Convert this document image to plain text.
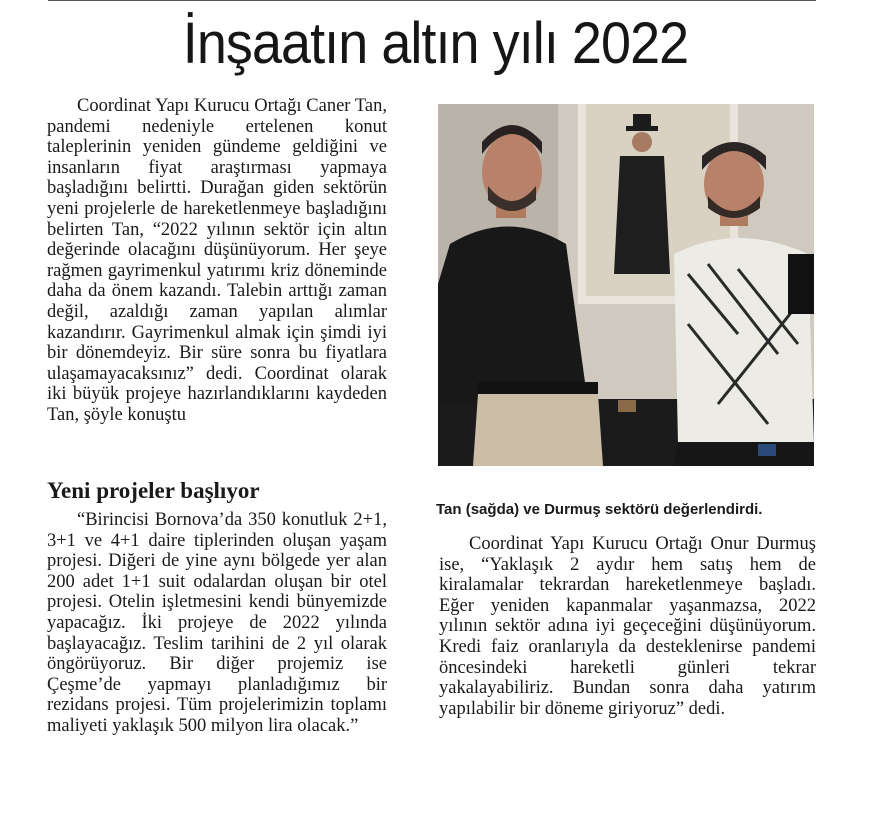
İnşaatın altın yılı 2022

Coordinat Yapı Kurucu Ortağı Caner Tan, pandemi nedeniyle ertelenen konut taleplerinin yeniden gündeme geldiğini ve insanların fiyat araştırması yapmaya başladığını belirtti. Durağan giden sektörün yeni projelerle de hareketlenmeye başladığını belirten Tan, “2022 yılının sektör için altın değerinde olacağını düşünüyorum. Her şeye rağmen gayrimenkul yatırımı kriz döneminde daha da önem kazandı. Talebin arttığı zaman değil, azaldığı zaman yapılan alımlar kazandırır. Gayrimenkul almak için şimdi iyi bir dönemdeyiz. Bir süre sonra bu fiyatlara ulaşamayacaksınız” dedi. Coordinat olarak iki büyük projeye hazırlandıklarını kaydeden Tan, şöyle konuştu

Yeni projeler başlıyor

“Birincisi Bornova’da 350 konutluk 2+1, 3+1 ve 4+1 daire tiplerinden oluşan yaşam projesi. Diğeri de yine aynı bölgede yer alan 200 adet 1+1 suit odalardan oluşan bir otel projesi. Otelin işletmesini kendi bünyemizde yapacağız. İki projeye de 2022 yılında başlayacağız. Teslim tarihini de 2 yıl olarak öngörüyoruz. Bir diğer projemiz ise Çeşme’de yapmayı planladığımız bir rezidans projesi. Tüm projelerimizin toplamı maliyeti yaklaşık 500 milyon lira olacak.”

Tan (sağda) ve Durmuş sektörü değerlendirdi.

Coordinat Yapı Kurucu Ortağı Onur Durmuş ise, “Yaklaşık 2 aydır hem satış hem de kiralamalar tekrardan hareketlenmeye başladı. Eğer yeniden kapanmalar yaşanmazsa, 2022 yılının sektör adına iyi geçeceğini düşünüyorum. Kredi faiz oranlarıyla da desteklenirse pandemi öncesindeki hareketli günleri tekrar yakalayabiliriz. Bundan sonra daha yatırım yapılabilir bir döneme giriyoruz” dedi.
